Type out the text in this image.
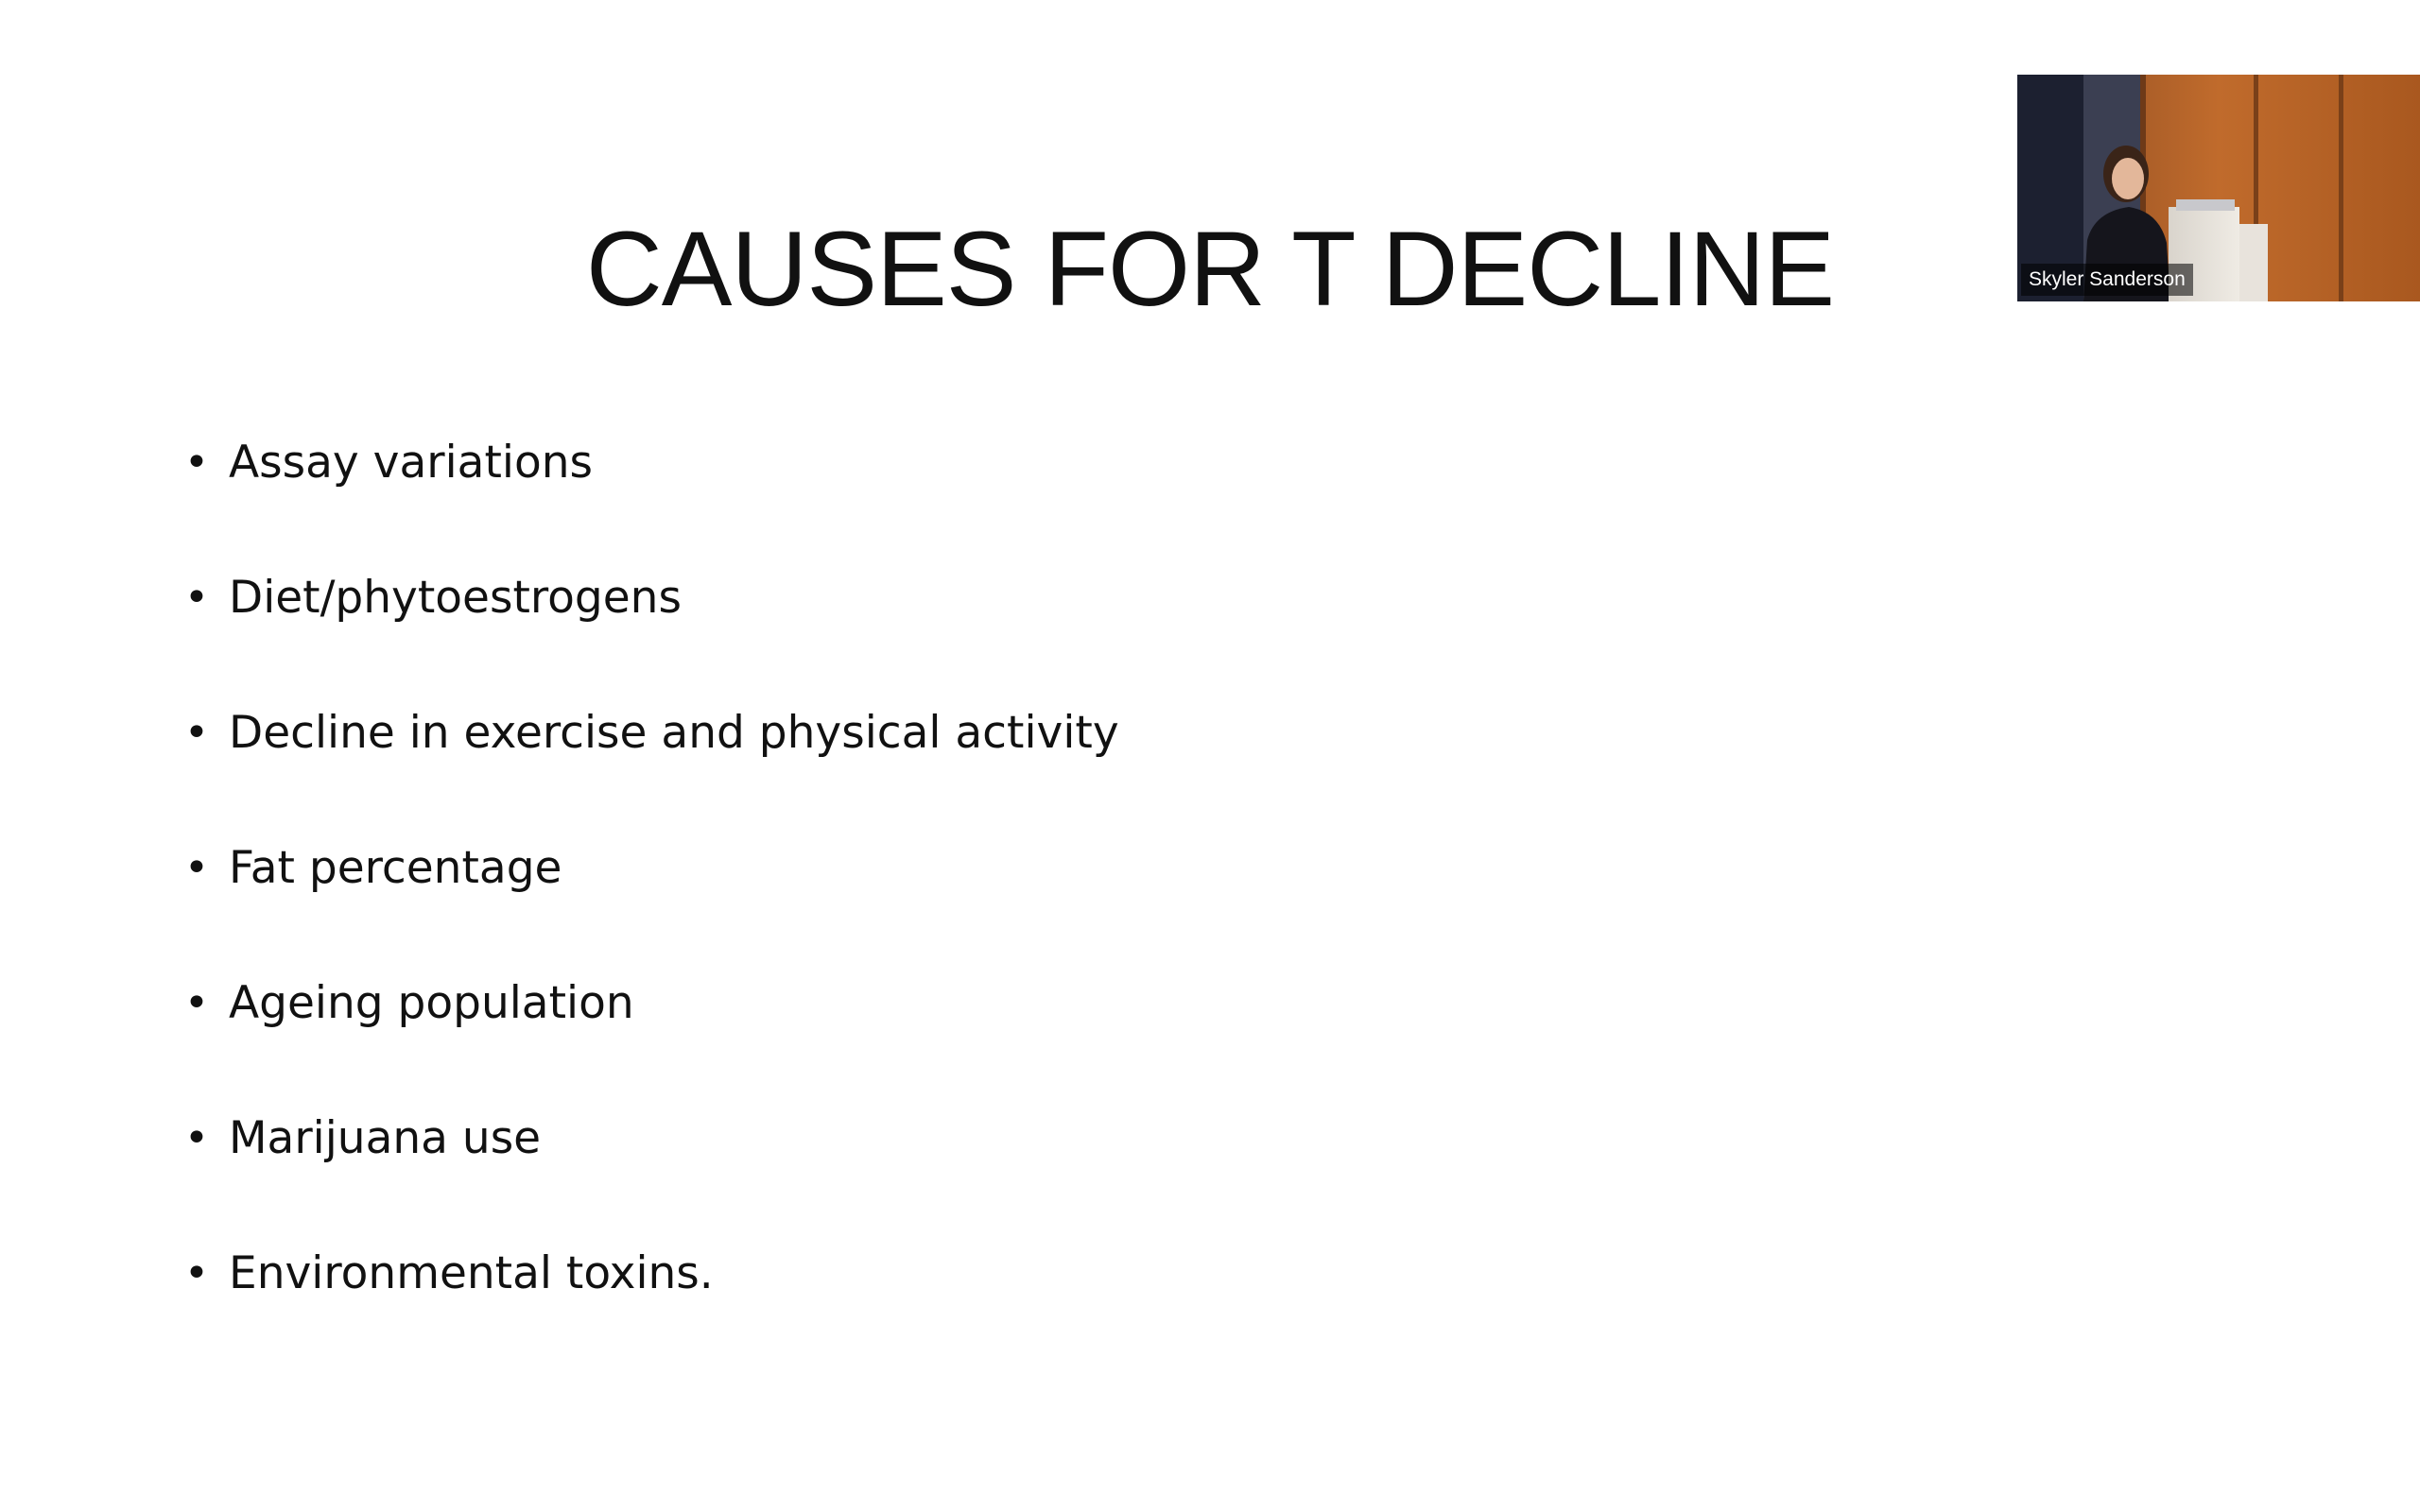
CAUSES FOR T DECLINE
• Assay variations
• Diet/phytoestrogens
• Decline in exercise and physical activity
• Fat percentage
• Ageing population
• Marijuana use
• Environmental toxins.
Skyler Sanderson
